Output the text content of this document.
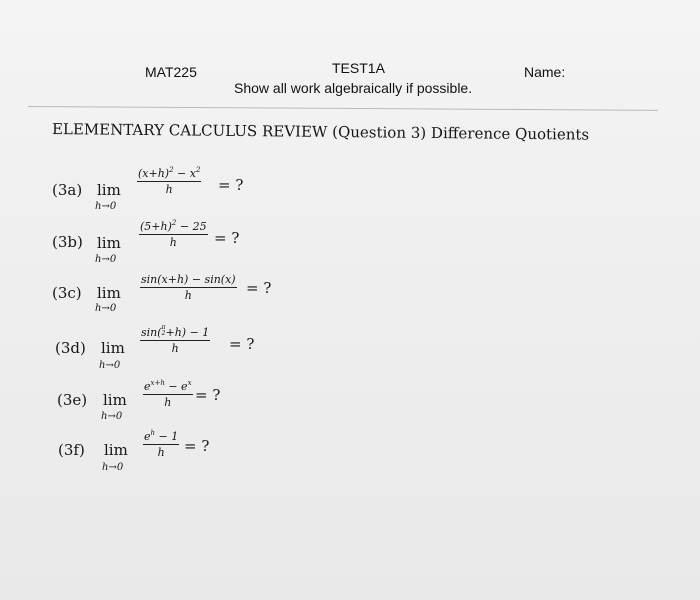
MAT225	TEST1A	Name:
Show all work algebraically if possible.
ELEMENTARY CALCULUS REVIEW (Question 3) Difference Quotients
(3a) lim
h→0
$(x+h)^2 - x^2$
h	= ?
(3b) lim
h→0
$(5+h)^2 - 25$
h	= ?
(3c) lim
h→0
sin(x+h) − sin(x)
h	= ?
(3d) lim
h→0
sin( π
2 +h) − 1
h	= ?
(3e) lim
h→0
$e^{x+h} - e^x$
h	= ?
(3f) lim
h→0
$e^h - 1$
h	= ?
